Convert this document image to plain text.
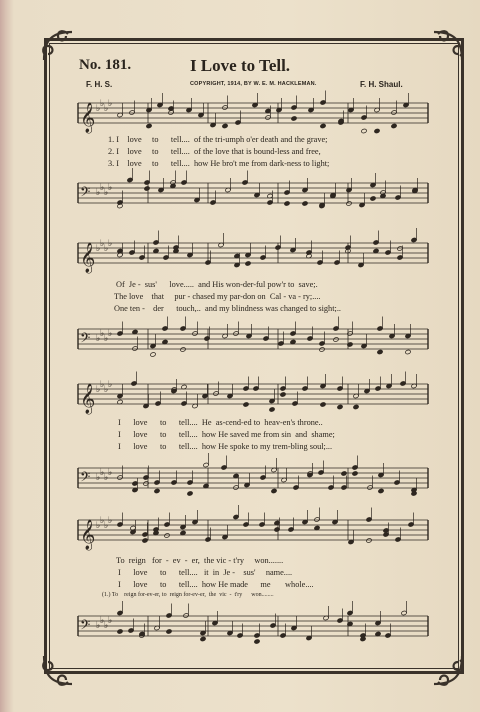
No. 181.	I Love to Tell.
F. H. S.	COPYRIGHT, 1914, BY W. E. M. HACKLEMAN.	F. H. Shaul.
𝄞 ♭ ♭ ♭ ♭
1. I    love     to      tell....  of the tri-umph o'er death and the grave;
2. I    love     to      tell....  of the love that is bound-less and free,
3. I    love     to      tell....  how He bro't me from dark-ness to light;
𝄢 ♭ ♭ ♭ ♭
𝄞 ♭ ♭ ♭ ♭
Of  Je -  sus'      love.....  and His won-der-ful pow'r to  save;.
The love    that     pur - chased my par-don on  Cal - va - ry;....
One ten -    der      touch,..  and my blindness was changed to sight;..
𝄢 ♭ ♭ ♭ ♭
𝄞 ♭ ♭ ♭ ♭
I      love      to      tell....  He  as-cend-ed to  heav-en's throne..
I      love      to      tell....  how He saved me from sin  and  shame;
I      love      to      tell....  how He spoke to my trem-bling soul;...
𝄢 ♭ ♭ ♭ ♭
𝄞 ♭ ♭ ♭ ♭
To  reign   for  -  ev  -  er,  the vic - t'ry     won.......
I      love      to      tell....   it  in  Je -    sus'     name....
I      love      to      tell....  how He made      me       whole....
(1.) To    reign for-ev-er, to  reign for-ev-er,  the  vic  -  t'ry      won........
𝄢 ♭ ♭ ♭ ♭
